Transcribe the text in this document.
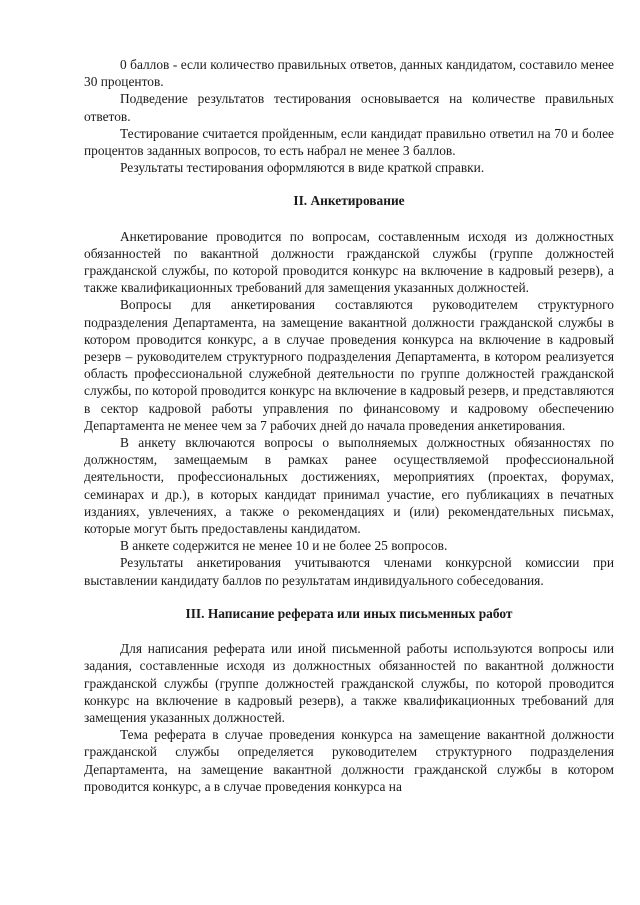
0 баллов - если количество правильных ответов, данных кандидатом, составило менее 30 процентов.

Подведение результатов тестирования основывается на количестве правильных ответов.

Тестирование считается пройденным, если кандидат правильно ответил на 70 и более процентов заданных вопросов, то есть набрал не менее 3 баллов.

Результаты тестирования оформляются в виде краткой справки.

II. Анкетирование

Анкетирование проводится по вопросам, составленным исходя из должностных обязанностей по вакантной должности гражданской службы (группе должностей гражданской службы, по которой проводится конкурс на включение в кадровый резерв), а также квалификационных требований для замещения указанных должностей.

Вопросы для анкетирования составляются руководителем структурного подразделения Департамента, на замещение вакантной должности гражданской службы в котором проводится конкурс, а в случае проведения конкурса на включение в кадровый резерв – руководителем структурного подразделения Департамента, в котором реализуется область профессиональной служебной деятельности по группе должностей гражданской службы, по которой проводится конкурс на включение в кадровый резерв, и представляются в сектор кадровой работы управления по финансовому и кадровому обеспечению Департамента не менее чем за 7 рабочих дней до начала проведения анкетирования.

В анкету включаются вопросы о выполняемых должностных обязанностях по должностям, замещаемым в рамках ранее осуществляемой профессиональной деятельности, профессиональных достижениях, мероприятиях (проектах, форумах, семинарах и др.), в которых кандидат принимал участие, его публикациях в печатных изданиях, увлечениях, а также о рекомендациях и (или) рекомендательных письмах, которые могут быть предоставлены кандидатом.

В анкете содержится не менее 10 и не более 25 вопросов.

Результаты анкетирования учитываются членами конкурсной комиссии при выставлении кандидату баллов по результатам индивидуального собеседования.

III. Написание реферата или иных письменных работ

Для написания реферата или иной письменной работы используются вопросы или задания, составленные исходя из должностных обязанностей по вакантной должности гражданской службы (группе должностей гражданской службы, по которой проводится конкурс на включение в кадровый резерв), а также квалификационных требований для замещения указанных должностей.

Тема реферата в случае проведения конкурса на замещение вакантной должности гражданской службы определяется руководителем структурного подразделения Департамента, на замещение вакантной должности гражданской службы в котором проводится конкурс, а в случае проведения конкурса на
